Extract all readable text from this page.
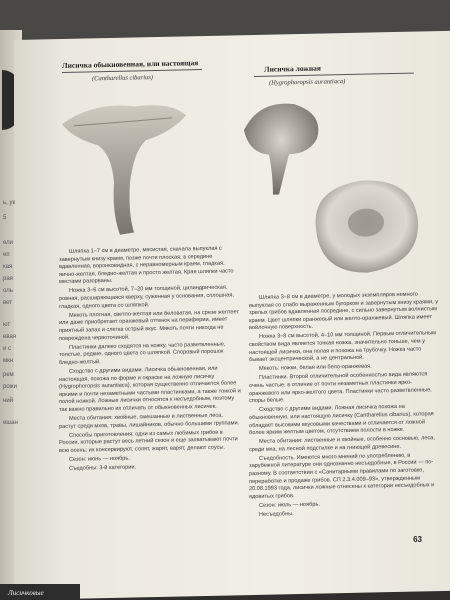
Лисичка обыкновенная, или настоящая
(Cantharellus cibarius)
Лисичка ложная
(Hygrophoropsis aurantiaca)

Шляпка 1–7 см в диаметре, мясистая, сначала выпуклая с завернутым книзу краем, позже почти плоская, в середине вдавленная, воронковидная, с неравномерным краем, гладкая, яично-желтая, бледно-желтая и просто желтая. Края шляпки часто местами разорваны.

Ножка 3–6 см высотой, 7–20 мм толщиной, цилиндрическая, ровная, расширяющаяся кверху, суженная у основания, сплошная, гладкая, одного цвета со шляпкой.

Мякоть плотная, светло-желтая или беловатая, на срезе желтеет или даже приобретает оранжевый оттенок на периферии, имеет приятный запах и слегка острый вкус. Мякоть почти никогда не повреждена червоточиной.

Пластинки далеко сходятся на ножку, часто разветвленные, толстые, редкие, одного цвета со шляпкой. Споровый порошок бледно-желтый.

Сходство с другими видами. Лисичка обыкновенная, или настоящая, похожа по форме и окраске на ложную лисичку (Hygrophoropsis aurantiaca), которая существенно отличается более яркими и почти незаметными частыми пластинками, а также тонкой и полой ножкой. Ложные лисички относятся к несъедобным, поэтому так важно правильно их отличать от обыкновенных лисичек.

Места обитания: хвойные, смешанные и лиственные леса, растут среди мхов, травы, лишайников, обычно большими группами.

Способы приготовления: одни из самых любимых грибов в России, которые растут весь летний сезон и еще захватывают почти всю осень; их консервируют, солят, жарят, варят, делают соусы.

Сезон: июнь — ноябрь.

Съедобны: 3-й категории.

Шляпка 3–8 см в диаметре, у молодых экземпляров немного выпуклая со слабо выраженным бугорком и завернутым книзу краями, у зрелых грибов вдавленная посредине, с сильно завернутым волнистым краем. Цвет шляпки оранжевый или желто-оранжевый. Шляпка имеет войлочную поверхность.

Ножка 3–8 см высотой, 4–10 мм толщиной. Первым отличительным свойством вида является тонкая ножка, значительно тоньше, чем у настоящей лисички, она полая и похожа на трубочку. Ножка часто бывает эксцентрической, а не центральной.

Мякоть: ножки, белая или бело-оранжевая.

Пластинки. Второй отличительной особенностью вида являются очень частые, в отличие от почти незаметных пластинки ярко-оранжевого или ярко-желтого цвета. Пластинки часто разветвленные, споры белые.

Сходство с другими видами. Ложная лисичка похожа на обыкновенную, или настоящую лисичку (Cantharellus cibarius), которая обладает высокими вкусовыми качествами и отличается от ложной более ярким желтым цветом, отсутствием полости в ножке.

Места обитания: лиственные и хвойные, особенно сосновые, леса, среди мха, на лесной подстилке и на гниющей древесине.

Съедобность. Имеются много мнений по употреблению, в зарубежной литературе они однозначно несъедобные, в России — по-разному. В соответствии с «Санитарными правилами по заготовке, переработке и продаже грибов. СП 2.3.4.009–93», утвержденным 20.08.1993 года, лисички ложные отнесены к категории несъедобных и ядовитых грибов.

Сезон: июль — ноябрь.

Несъедобны.

ь, ук
5
ели
еп
кая
рая
оль
вет
ют
евая
и с
мкн
рем
рожи
ний
ешан
63
Лисичковые
